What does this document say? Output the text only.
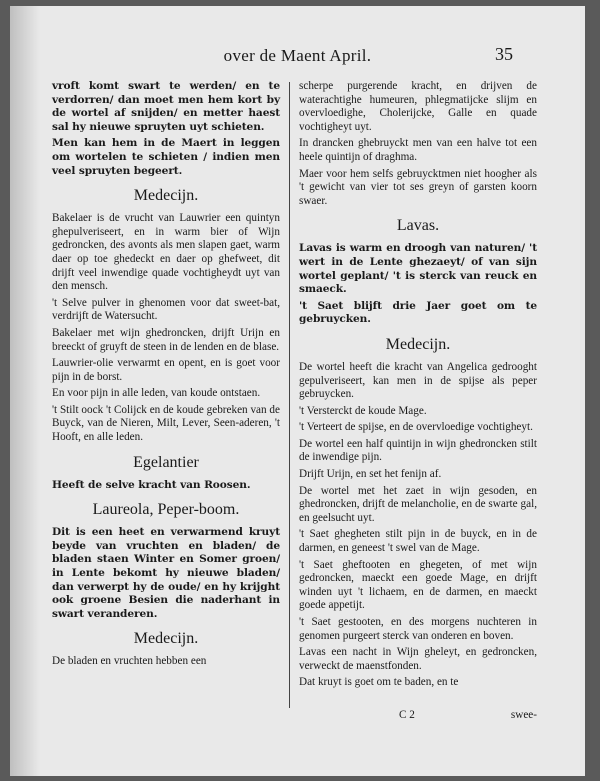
over de Maent April.	35

vroft komt swart te werden/ en te verdorren/ dan moet men hem kort by de wortel af snijden/ en metter haest sal hy nieuwe spruyten uyt schieten.

Men kan hem in de Maert in leggen om wortelen te schieten / indien men veel spruyten begeert.

Medecijn.

Bakelaer is de vrucht van Lauwrier een quintyn ghepulveriseert, en in warm bier of Wijn gedroncken, des avonts als men slapen gaet, warm daer op toe ghedeckt en daer op ghefweet, dit drijft veel inwendige quade vochtigheydt uyt van den mensch.

't Selve pulver in ghenomen voor dat sweet-bat, verdrijft de Watersucht.

Bakelaer met wijn ghedroncken, drijft Urijn en breeckt of gruyft de steen in de lenden en de blase.

Lauwrier-olie verwarmt en opent, en is goet voor pijn in de borst.

En voor pijn in alle leden, van koude ontstaen.

't Stilt oock 't Colijck en de koude gebreken van de Buyck, van de Nieren, Milt, Lever, Seen-aderen, 't Hooft, en alle leden.

Egelantier

Heeft de selve kracht van Roosen.

Laureola, Peper-boom.

Dit is een heet en verwarmend kruyt beyde van vruchten en bladen/ de bladen staen Winter en Somer groen/ in Lente bekomt hy nieuwe bladen/ dan verwerpt hy de oude/ en hy krijght ook groene Besien die naderhant in swart veranderen.

Medecijn.

De bladen en vruchten hebben een

scherpe purgerende kracht, en drijven de waterachtighe humeuren, phlegmatijcke slijm en overvloedighe, Cholerijcke, Galle en quade vochtigheyt uyt.

In drancken ghebruyckt men van een halve tot een heele quintijn of draghma.

Maer voor hem selfs gebruycktmen niet hoogher als 't gewicht van vier tot ses greyn of garsten koorn swaer.

Lavas.

Lavas is warm en droogh van naturen/ 't wert in de Lente ghezaeyt/ of van sijn wortel geplant/ 't is sterck van reuck en smaeck.

't Saet blijft drie Jaer goet om te gebruycken.

Medecijn.

De wortel heeft die kracht van Angelica gedrooght gepulveriseert, kan men in de spijse als peper gebruycken.

't Versterckt de koude Mage.

't Verteert de spijse, en de overvloedige vochtigheyt.

De wortel een half quintijn in wijn ghedroncken stilt de inwendige pijn.

Drijft Urijn, en set het fenijn af.

De wortel met het zaet in wijn gesoden, en ghedroncken, drijft de melancholie, en de swarte gal, en geelsucht uyt.

't Saet ghegheten stilt pijn in de buyck, en in de darmen, en geneest 't swel van de Mage.

't Saet gheftooten en ghegeten, of met wijn gedroncken, maeckt een goede Mage, en drijft winden uyt 't lichaem, en de darmen, en maeckt goede appetijt.

't Saet gestooten, en des morgens nuchteren in genomen purgeert sterck van onderen en boven.

Lavas een nacht in Wijn gheleyt, en gedroncken, verweckt de maenstfonden.

Dat kruyt is goet om te baden, en te

C 2	swee-
